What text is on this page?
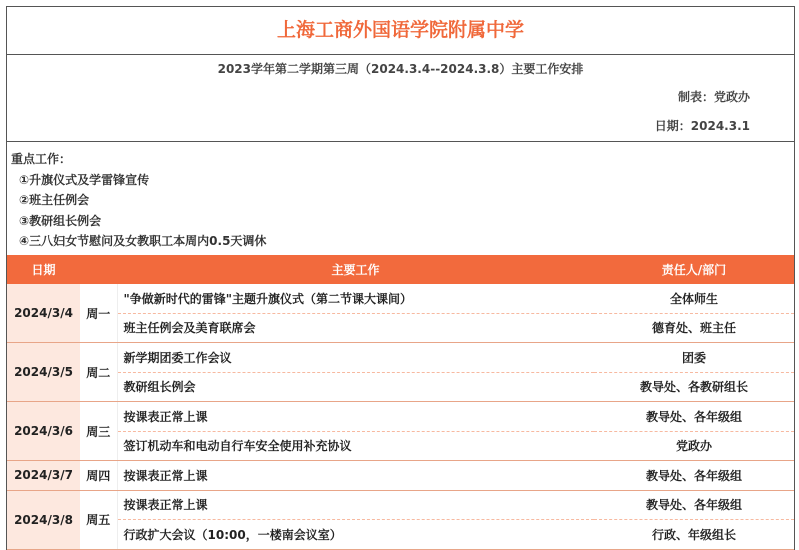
上海工商外国语学院附属中学
2023学年第二学期第三周（2024.3.4--2024.3.8）主要工作安排
制表：党政办
日期：2024.3.1
重点工作：
①升旗仪式及学雷锋宣传
②班主任例会
③教研组长例会
④三八妇女节慰问及女教职工本周内0.5天调休
日期		主要工作	责任人/部门
2024/3/4	周一	"争做新时代的雷锋"主题升旗仪式（第二节课大课间）	全体师生
		班主任例会及美育联席会	德育处、班主任
2024/3/5	周二	新学期团委工作会议	团委
		教研组长例会	教导处、各教研组长
2024/3/6	周三	按课表正常上课	教导处、各年级组
		签订机动车和电动自行车安全使用补充协议	党政办
2024/3/7	周四	按课表正常上课	教导处、各年级组
2024/3/8	周五	按课表正常上课	教导处、各年级组
		行政扩大会议（10:00，一楼南会议室）	行政、年级组长
